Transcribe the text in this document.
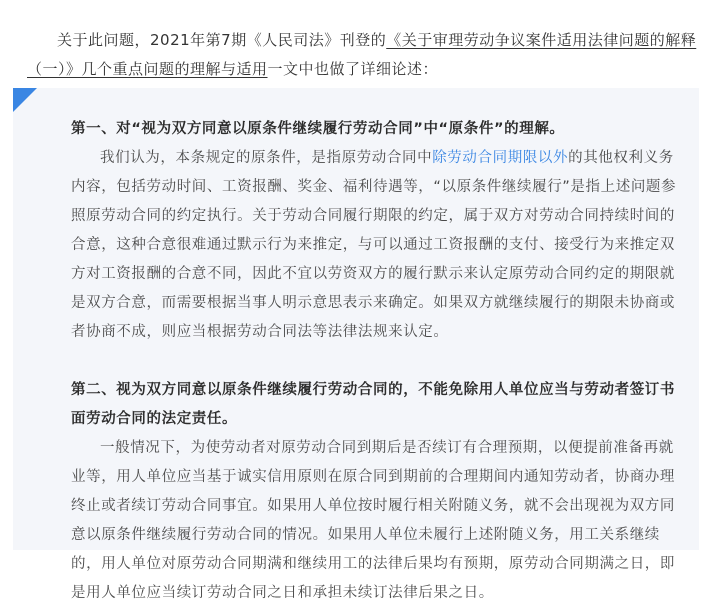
关于此问题，2021年第7期《人民司法》刊登的《关于审理劳动争议案件适用法律问题的解释（一）》几个重点问题的理解与适用一文中也做了详细论述：

第一、对“视为双方同意以原条件继续履行劳动合同”中“原条件”的理解。

我们认为，本条规定的原条件，是指原劳动合同中除劳动合同期限以外的其他权利义务内容，包括劳动时间、工资报酬、奖金、福利待遇等，“以原条件继续履行”是指上述问题参照原劳动合同的约定执行。关于劳动合同履行期限的约定，属于双方对劳动合同持续时间的合意，这种合意很难通过默示行为来推定，与可以通过工资报酬的支付、接受行为来推定双方对工资报酬的合意不同，因此不宜以劳资双方的履行默示来认定原劳动合同约定的期限就是双方合意，而需要根据当事人明示意思表示来确定。如果双方就继续履行的期限未协商或者协商不成，则应当根据劳动合同法等法律法规来认定。

第二、视为双方同意以原条件继续履行劳动合同的，不能免除用人单位应当与劳动者签订书面劳动合同的法定责任。

一般情况下，为使劳动者对原劳动合同到期后是否续订有合理预期，以便提前准备再就业等，用人单位应当基于诚实信用原则在原合同到期前的合理期间内通知劳动者，协商办理终止或者续订劳动合同事宜。如果用人单位按时履行相关附随义务，就不会出现视为双方同意以原条件继续履行劳动合同的情况。如果用人单位未履行上述附随义务，用工关系继续的，用人单位对原劳动合同期满和继续用工的法律后果均有预期，原劳动合同期满之日，即是用人单位应当续订劳动合同之日和承担未续订法律后果之日。
